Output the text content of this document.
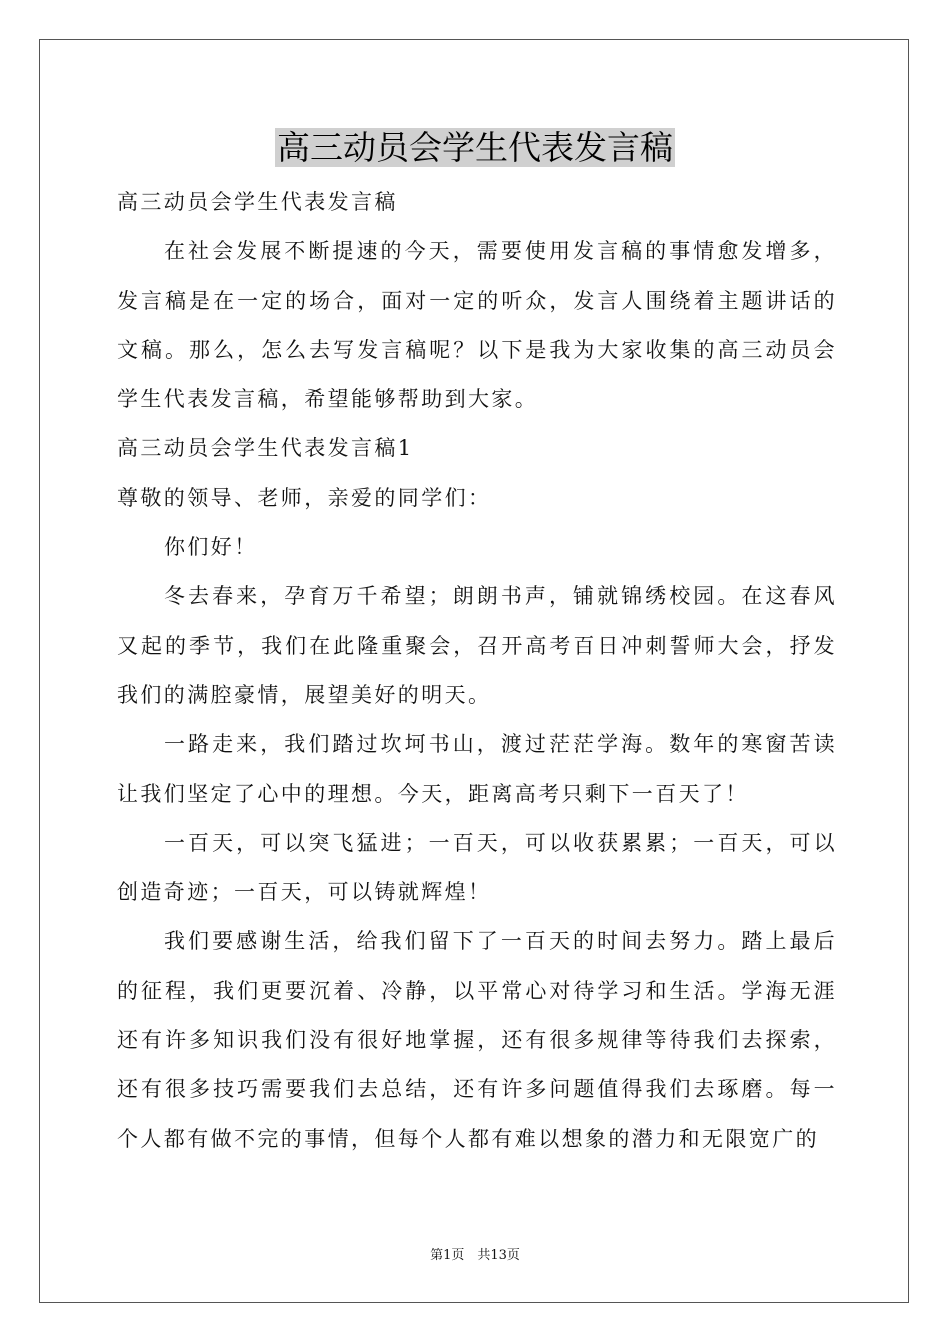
高三动员会学生代表发言稿

高三动员会学生代表发言稿

在社会发展不断提速的今天，需要使用发言稿的事情愈发增多，发言稿是在一定的场合，面对一定的听众，发言人围绕着主题讲话的文稿。那么，怎么去写发言稿呢？以下是我为大家收集的高三动员会学生代表发言稿，希望能够帮助到大家。

高三动员会学生代表发言稿1

尊敬的领导、老师，亲爱的同学们：

你们好！

冬去春来，孕育万千希望；朗朗书声，铺就锦绣校园。在这春风又起的季节，我们在此隆重聚会，召开高考百日冲刺誓师大会，抒发我们的满腔豪情，展望美好的明天。

一路走来，我们踏过坎坷书山，渡过茫茫学海。数年的寒窗苦读让我们坚定了心中的理想。今天，距离高考只剩下一百天了！

一百天，可以突飞猛进；一百天，可以收获累累；一百天，可以创造奇迹；一百天，可以铸就辉煌！

我们要感谢生活，给我们留下了一百天的时间去努力。踏上最后的征程，我们更要沉着、冷静，以平常心对待学习和生活。学海无涯还有许多知识我们没有很好地掌握，还有很多规律等待我们去探索，还有很多技巧需要我们去总结，还有许多问题值得我们去琢磨。每一个人都有做不完的事情，但每个人都有难以想象的潜力和无限宽广的

第1页　共13页
